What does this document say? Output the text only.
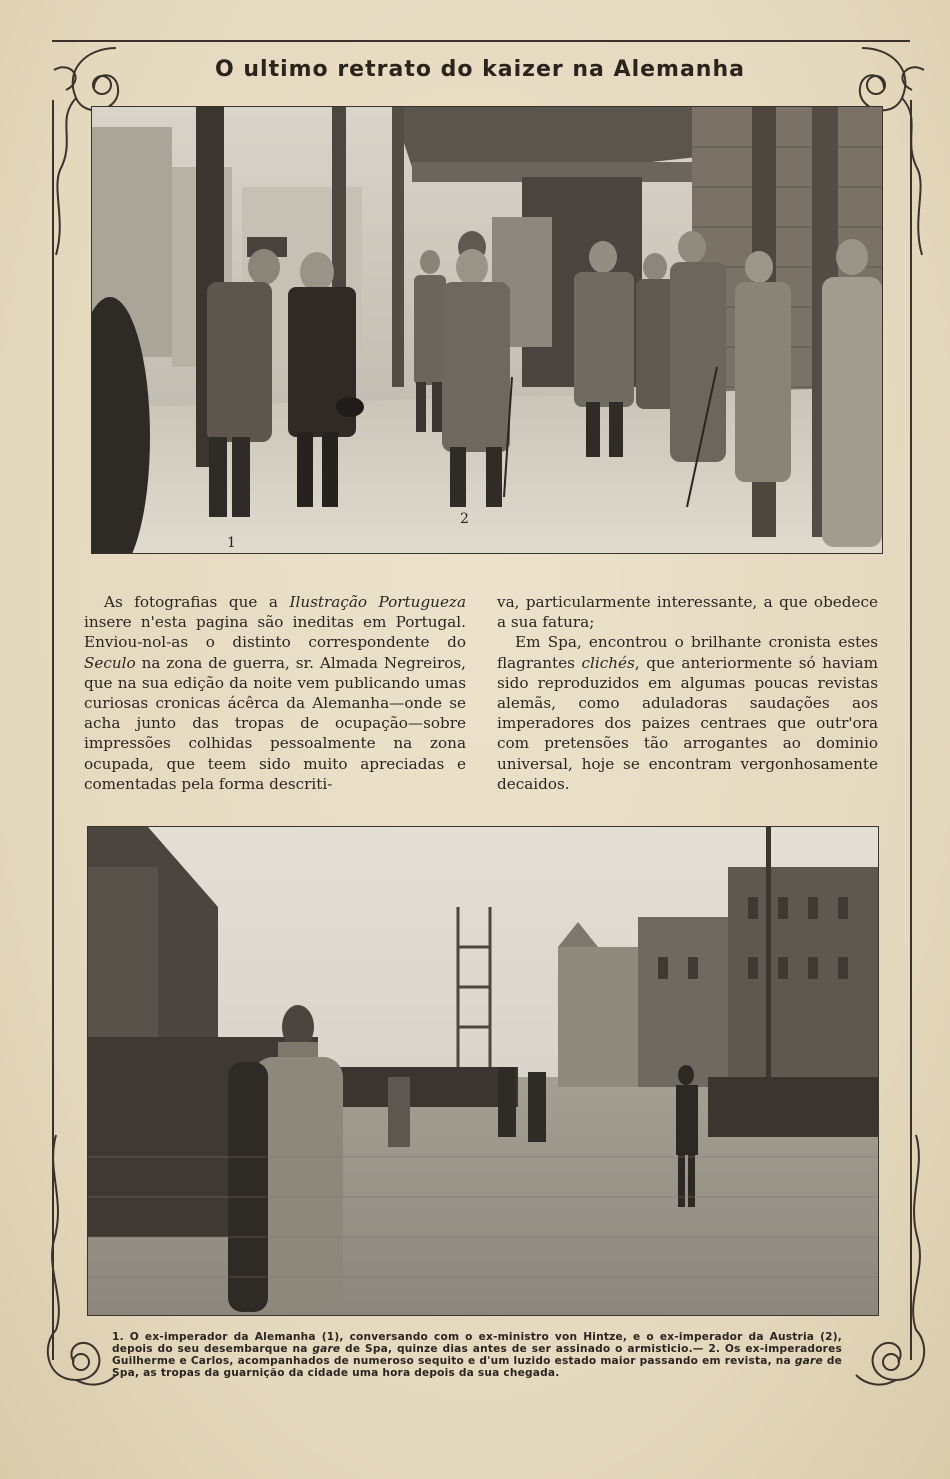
O ultimo retrato do kaizer na Alemanha
1
2

As fotografias que a Ilustração Portugueza insere n'esta pagina são ineditas em Portugal. Enviou-nol-as o distinto correspondente do Seculo na zona de guerra, sr. Almada Negreiros, que na sua edição da noite vem publicando umas curiosas cronicas ácêrca da Alemanha—onde se acha junto das tropas de ocupação—sobre impressões colhidas pessoalmente na zona ocupada, que teem sido muito apreciadas e comentadas pela forma descriti-

va, particularmente interessante, a que obedece a sua fatura;

Em Spa, encontrou o brilhante cronista estes flagrantes clichés, que anteriormente só haviam sido reproduzidos em algumas poucas revistas alemãs, como aduladoras saudações aos imperadores dos paizes centraes que outr'ora com pretensões tão arrogantes ao dominio universal, hoje se encontram vergonhosamente decaidos.

1. O ex-imperador da Alemanha (1), conversando com o ex-ministro von Hintze, e o ex-imperador da Austria (2), depois do seu desembarque na gare de Spa, quinze dias antes de ser assinado o armisticio.— 2. Os ex-imperadores Guilherme e Carlos, acompanhados de numeroso sequito e d'um luzido estado maior passando em revista, na gare de Spa, as tropas da guarnição da cidade uma hora depois da sua chegada.
